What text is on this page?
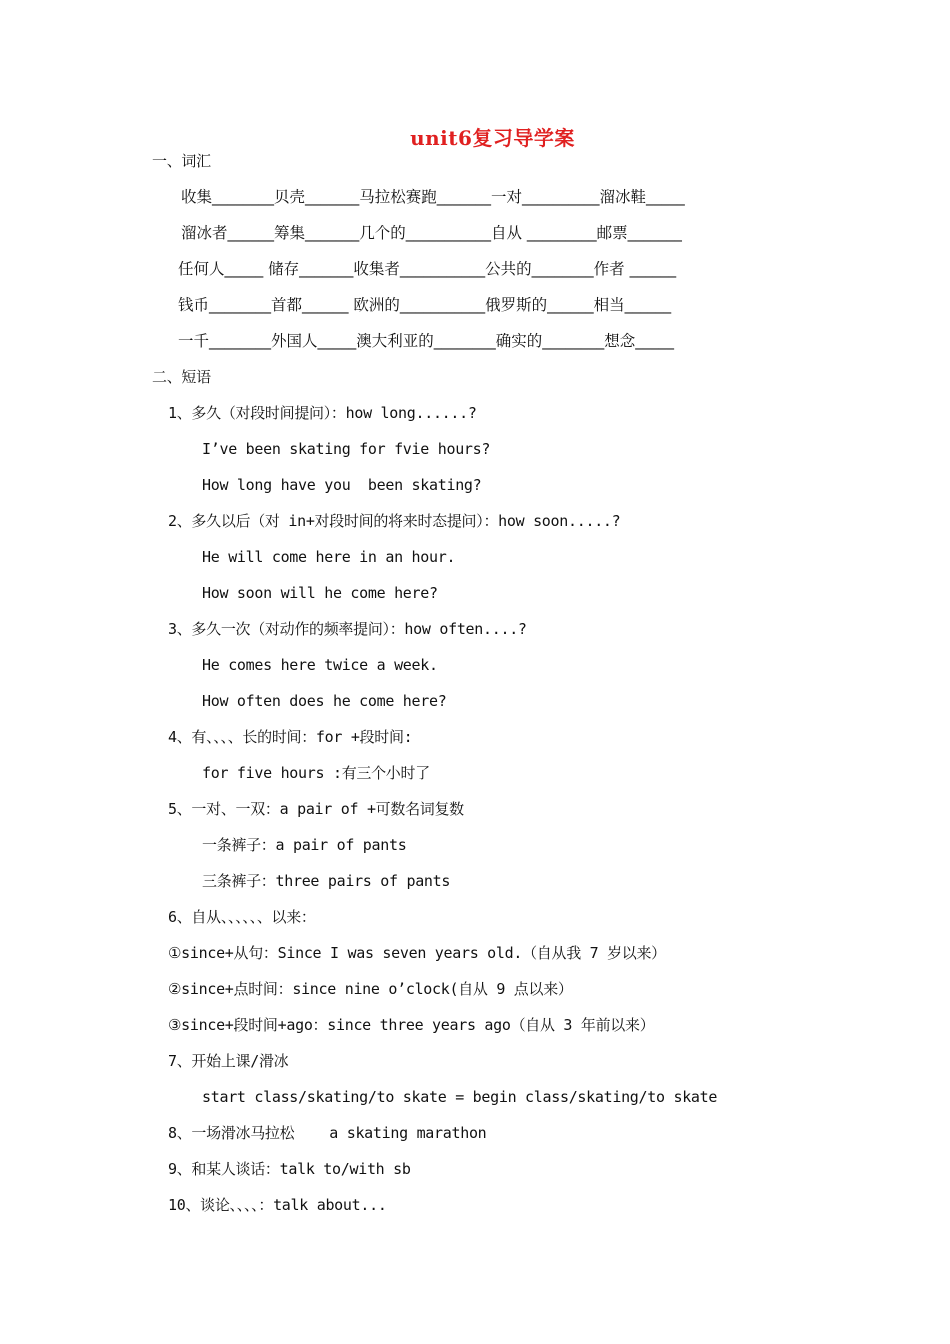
unit6复习导学案
一、词汇
收集________贝壳_______马拉松赛跑_______一对__________溜冰鞋_____
溜冰者______筹集_______几个的___________自从 _________邮票_______
任何人_____ 储存_______收集者___________公共的________作者 ______
钱币________首都______ 欧洲的___________俄罗斯的______相当______
一千________外国人_____澳大利亚的________确实的________想念_____
二、短语
1、多久（对段时间提问）：how long......?
I’ve been skating for fvie hours?
How long have you  been skating?
2、多久以后（对 in+对段时间的将来时态提问）：how soon.....?
He will come here in an hour.
How soon will he come here?
3、多久一次（对动作的频率提问）：how often....?
He comes here twice a week.
How often does he come here?
4、有、、、、长的时间：for +段时间:
for five hours :有三个小时了
5、一对、一双：a pair of +可数名词复数
一条裤子：a pair of pants
三条裤子：three pairs of pants
6、自从、、、、、、以来：
①since+从句：Since I was seven years old.（自从我 7 岁以来）
②since+点时间：since nine o’clock(自从 9 点以来）
③since+段时间+ago：since three years ago（自从 3 年前以来）
7、开始上课/滑冰
start class/skating/to skate = begin class/skating/to skate
8、一场滑冰马拉松    a skating marathon
9、和某人谈话：talk to/with sb
10、谈论、、、、：talk about...
